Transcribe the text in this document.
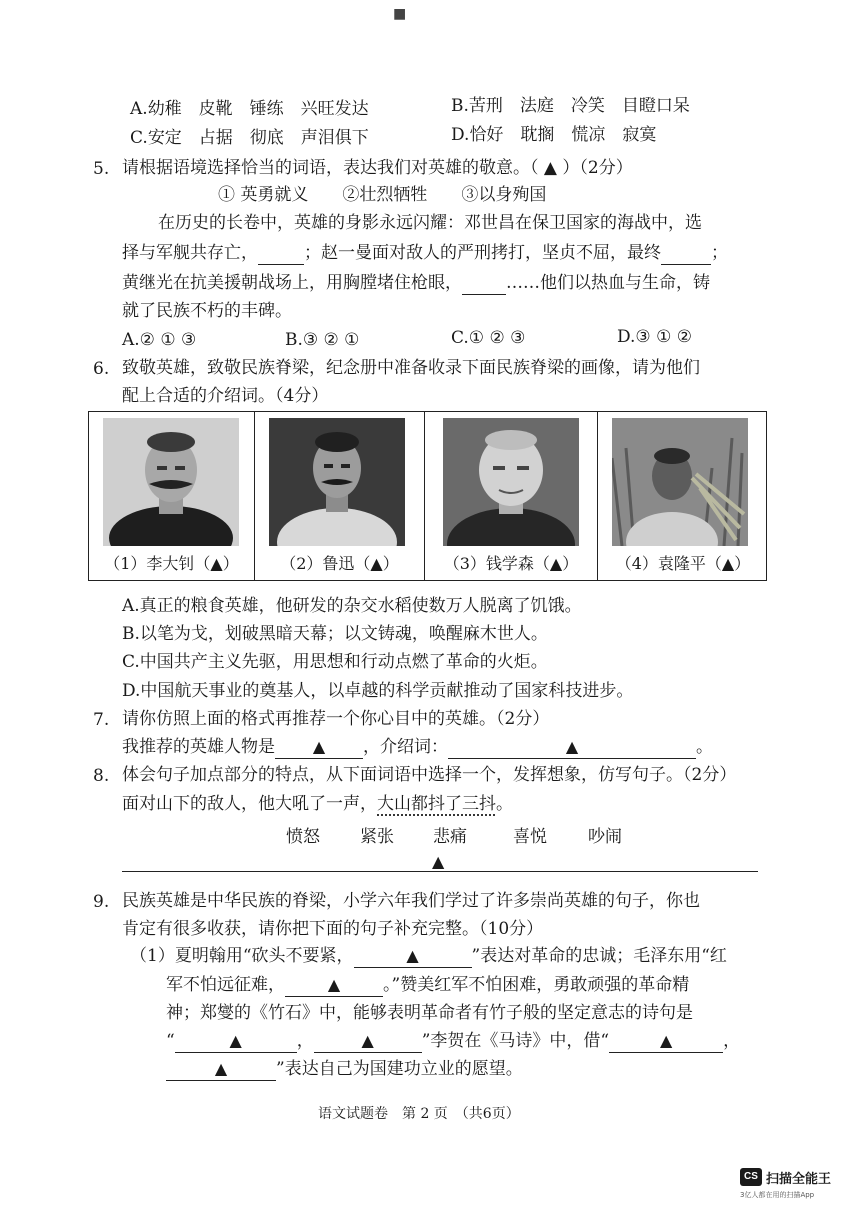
■
A.幼稚　皮靴　锤练　兴旺发达	B.苦刑　法庭　冷笑　目瞪口呆
C.安定　占据　彻底　声泪俱下	D.恰好　耽搁　慌凉　寂寞
5. 请根据语境选择恰当的词语，表达我们对英雄的敬意。（ ▲ ）（2分）
① 英勇就义　　②壮烈牺牲　　③以身殉国
在历史的长卷中，英雄的身影永远闪耀：邓世昌在保卫国家的海战中，选
择与军舰共存亡，	；赵一曼面对敌人的严刑拷打，坚贞不屈，最终	；
黄继光在抗美援朝战场上，用胸膛堵住枪眼，	……他们以热血与生命，铸
就了民族不朽的丰碑。
A.② ① ③	B.③ ② ①	C.① ② ③	D.③ ① ②
6. 致敬英雄，致敬民族脊梁，纪念册中准备收录下面民族脊梁的画像，请为他们
配上合适的介绍词。（4分）
（1）李大钊（▲）	（2）鲁迅（▲）	（3）钱学森（▲）	（4）袁隆平（▲）
A.真正的粮食英雄，他研发的杂交水稻使数万人脱离了饥饿。
B.以笔为戈，划破黑暗天幕；以文铸魂，唤醒麻木世人。
C.中国共产主义先驱，用思想和行动点燃了革命的火炬。
D.中国航天事业的奠基人，以卓越的科学贡献推动了国家科技进步。
7. 请你仿照上面的格式再推荐一个你心目中的英雄。（2分）
我推荐的英雄人物是 ▲ ，介绍词：	▲	。
8. 体会句子加点部分的特点，从下面词语中选择一个，发挥想象，仿写句子。（2分）
面对山下的敌人，他大吼了一声，大山都抖了三抖。
愤怒 紧张 悲痛	喜悦 吵闹
▲
9. 民族英雄是中华民族的脊梁，小学六年我们学过了许多崇尚英雄的句子，你也
肯定有很多收获，请你把下面的句子补充完整。（10分）
（1）夏明翰用“砍头不要紧，	▲	”表达对革命的忠诚；毛泽东用“红
军不怕远征难，	▲	。”赞美红军不怕困难，勇敢顽强的革命精
神；郑燮的《竹石》中，能够表明革命者有竹子般的坚定意志的诗句是
“	▲	，	▲	”李贺在《马诗》中，借“	▲	，
▲	”表达自己为国建功立业的愿望。
语文试题卷　第 2 页　（共6页）
CS 扫描全能王
3亿人都在用的扫描App
